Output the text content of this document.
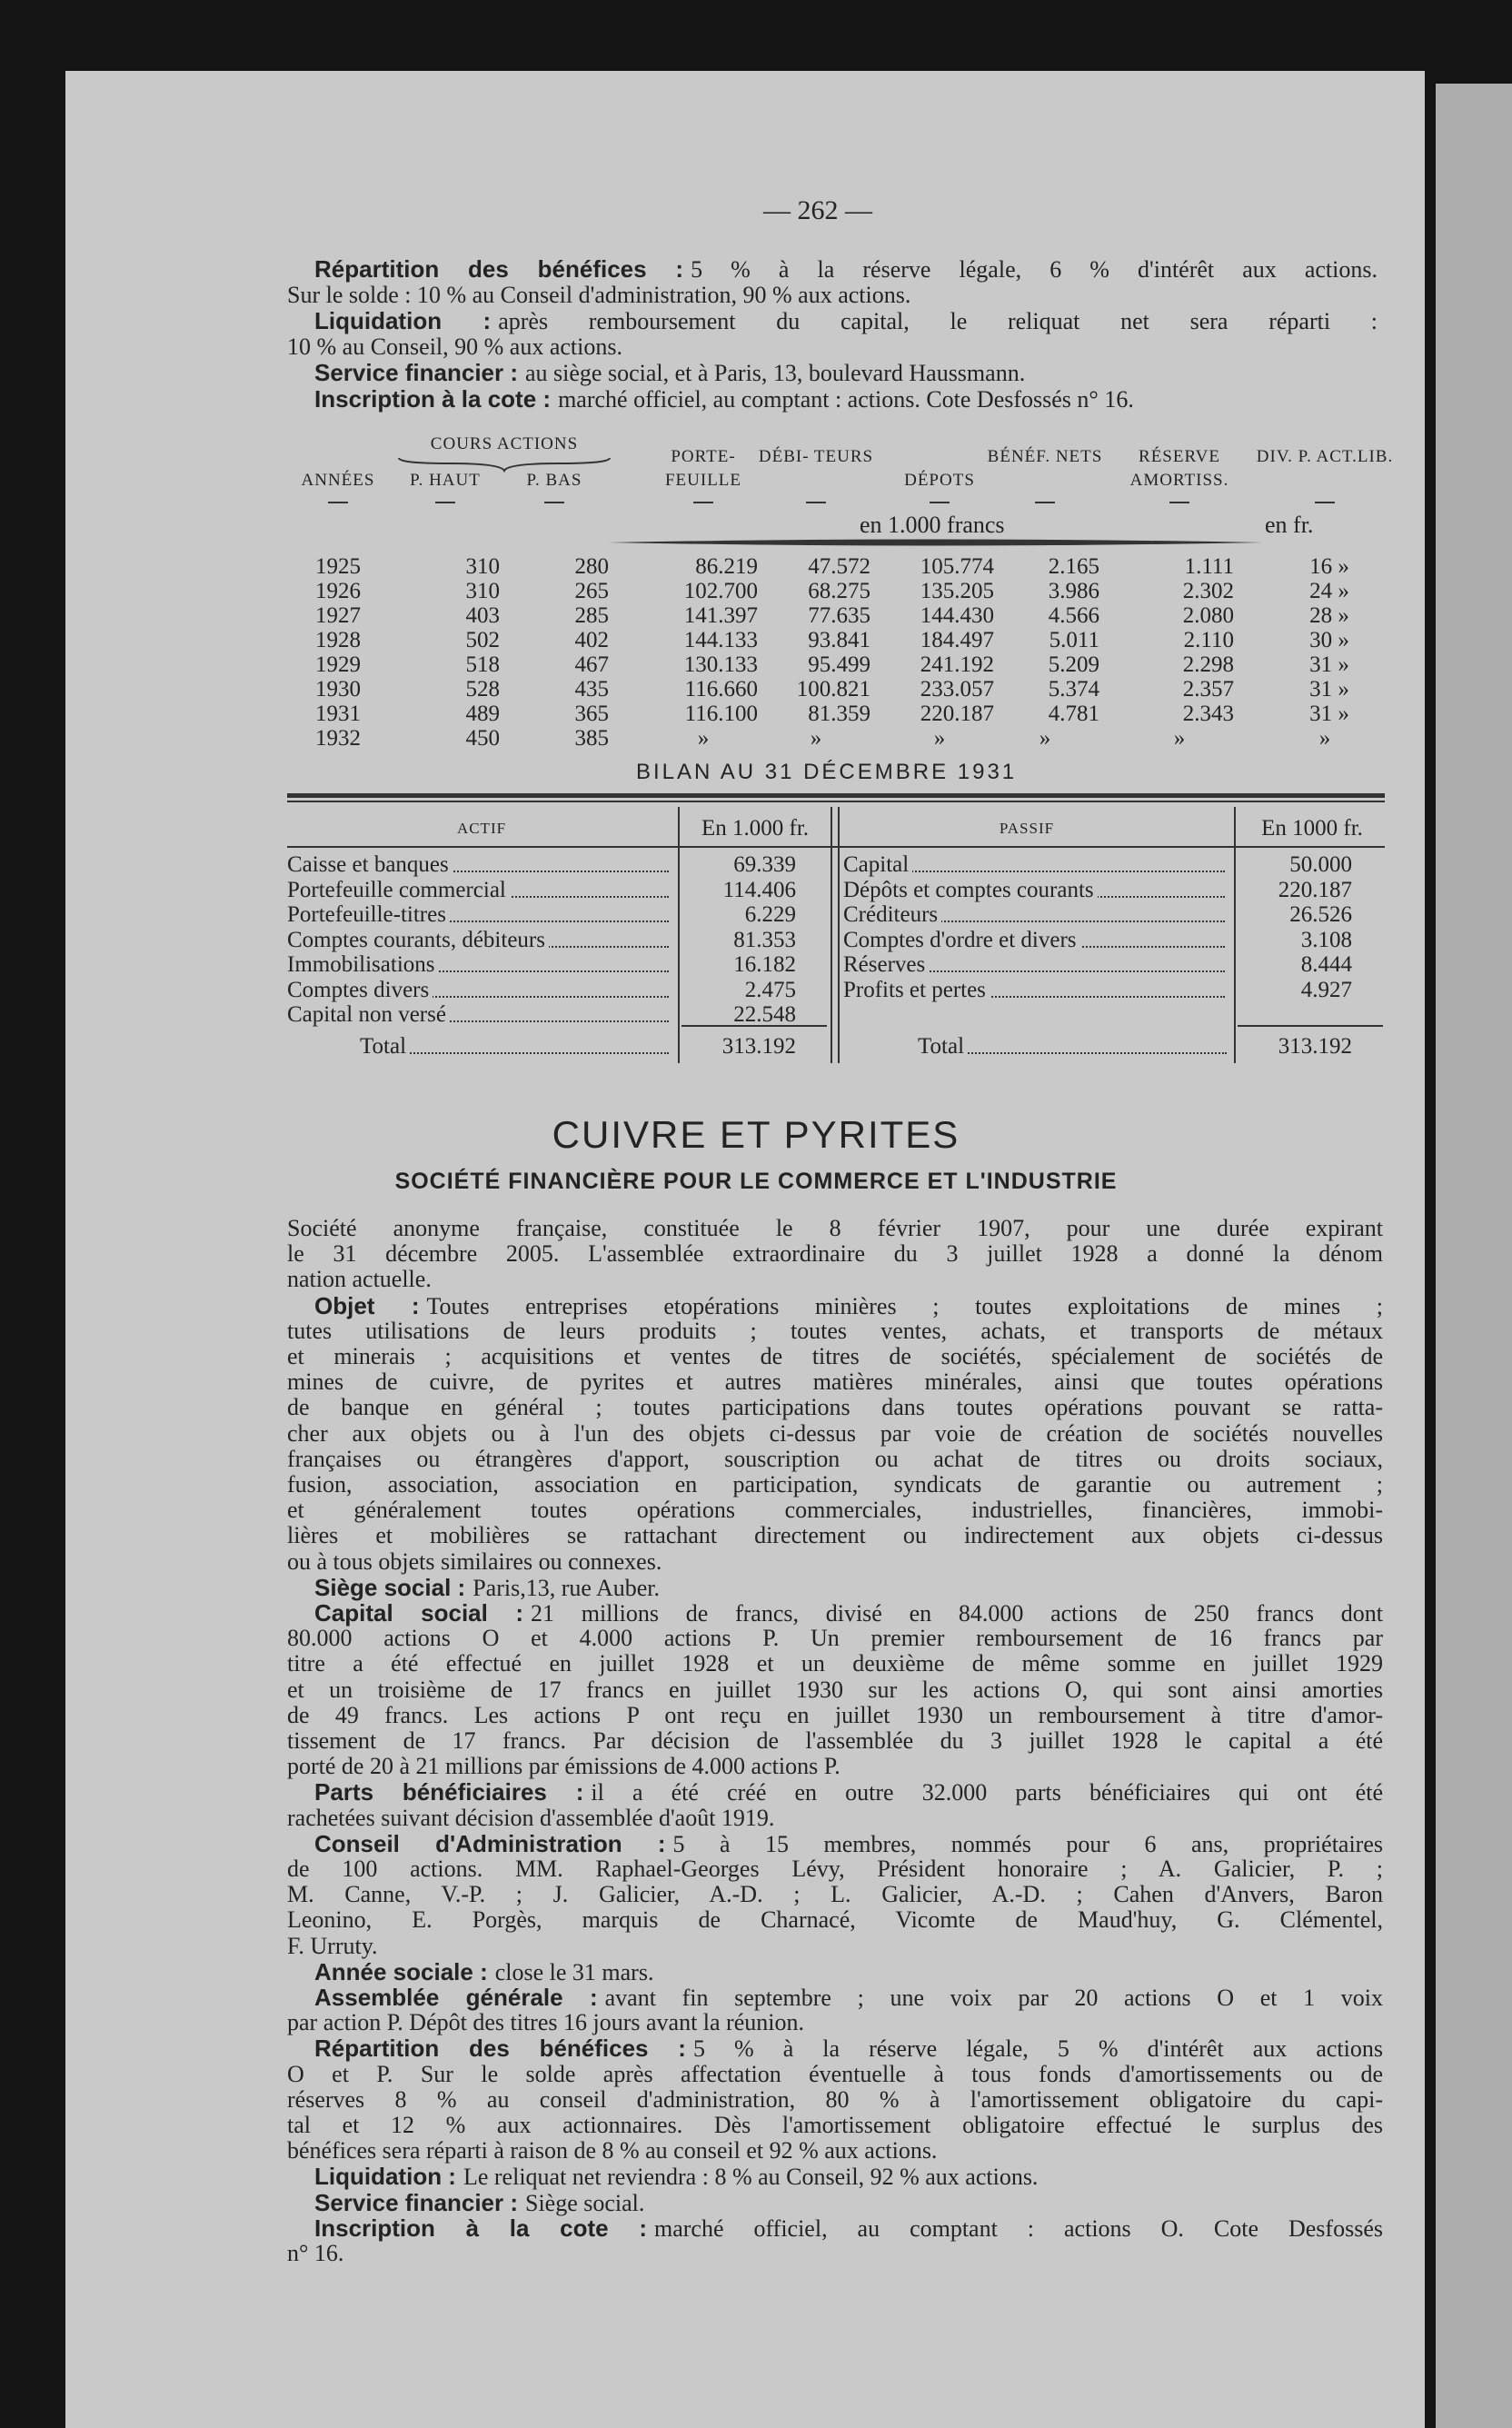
— 262 —
Répartition des bénéfices : 5 % à la réserve légale, 6 % d'intérêt aux actions.
Sur le solde : 10 % au Conseil d'administration, 90 % aux actions.
Liquidation : après remboursement du capital, le reliquat net sera réparti :
10 % au Conseil, 90 % aux actions.
Service financier : au siège social, et à Paris, 13, boulevard Haussmann.
Inscription à la cote : marché officiel, au comptant : actions. Cote Desfossés n° 16.
COURS ACTIONS
ANNÉES	P. HAUT	P. BAS
PORTE- FEUILLE
DÉBI- TEURS
DÉPOTS
BÉNÉF. NETS	RÉSERVE AMORTISS.
DIV. P. ACT.LIB.
en 1.000 francs	en fr.
1925	310	280	86.219	47.572	105.774	2.165	1.111	16 »
1926	310	265	102.700	68.275	135.205	3.986	2.302	24 »
1927	403	285	141.397	77.635	144.430	4.566	2.080	28 »
1928	502	402	144.133	93.841	184.497	5.011	2.110	30 »
1929	518	467	130.133	95.499	241.192	5.209	2.298	31 »
1930	528	435	116.660	100.821	233.057	5.374	2.357	31 »
1931	489	365	116.100	81.359	220.187	4.781	2.343	31 »
1932	450	385	»	»	»	»	»	»
BILAN AU 31 DÉCEMBRE 1931
ACTIF	En 1.000 fr.	PASSIF	En 1000 fr.
Caisse et banques	69.339
Portefeuille commercial	114.406
Portefeuille-titres	6.229
Comptes courants, débiteurs	81.353
Immobilisations	16.182
Comptes divers	2.475
Capital non versé	22.548
Capital	50.000
Dépôts et comptes courants	220.187
Créditeurs	26.526
Comptes d'ordre et divers	3.108
Réserves	8.444
Profits et pertes	4.927
Total	313.192	Total	313.192
CUIVRE ET PYRITES
SOCIÉTÉ FINANCIÈRE POUR LE COMMERCE ET L'INDUSTRIE
Société anonyme française, constituée le 8 février 1907, pour une durée expirant
le 31 décembre 2005. L'assemblée extraordinaire du 3 juillet 1928 a donné la dénom
nation actuelle.
Objet : Toutes entreprises etopérations minières ; toutes exploitations de mines ;
tutes utilisations de leurs produits ; toutes ventes, achats, et transports de métaux
et minerais ; acquisitions et ventes de titres de sociétés, spécialement de sociétés de
mines de cuivre, de pyrites et autres matières minérales, ainsi que toutes opérations
de banque en général ; toutes participations dans toutes opérations pouvant se ratta-
cher aux objets ou à l'un des objets ci-dessus par voie de création de sociétés nouvelles
françaises ou étrangères d'apport, souscription ou achat de titres ou droits sociaux,
fusion, association, association en participation, syndicats de garantie ou autrement ;
et généralement toutes opérations commerciales, industrielles, financières, immobi-
lières et mobilières se rattachant directement ou indirectement aux objets ci-dessus
ou à tous objets similaires ou connexes.
Siège social : Paris,13, rue Auber.
Capital social : 21 millions de francs, divisé en 84.000 actions de 250 francs dont
80.000 actions O et 4.000 actions P. Un premier remboursement de 16 francs par
titre a été effectué en juillet 1928 et un deuxième de même somme en juillet 1929
et un troisième de 17 francs en juillet 1930 sur les actions O, qui sont ainsi amorties
de 49 francs. Les actions P ont reçu en juillet 1930 un remboursement à titre d'amor-
tissement de 17 francs. Par décision de l'assemblée du 3 juillet 1928 le capital a été
porté de 20 à 21 millions par émissions de 4.000 actions P.
Parts bénéficiaires : il a été créé en outre 32.000 parts bénéficiaires qui ont été
rachetées suivant décision d'assemblée d'août 1919.
Conseil d'Administration : 5 à 15 membres, nommés pour 6 ans, propriétaires
de 100 actions. MM. Raphael-Georges Lévy, Président honoraire ; A. Galicier, P. ;
M. Canne, V.-P. ; J. Galicier, A.-D. ; L. Galicier, A.-D. ; Cahen d'Anvers, Baron
Leonino, E. Porgès, marquis de Charnacé, Vicomte de Maud'huy, G. Clémentel,
F. Urruty.
Année sociale : close le 31 mars.
Assemblée générale : avant fin septembre ; une voix par 20 actions O et 1 voix
par action P. Dépôt des titres 16 jours avant la réunion.
Répartition des bénéfices : 5 % à la réserve légale, 5 % d'intérêt aux actions
O et P. Sur le solde après affectation éventuelle à tous fonds d'amortissements ou de
réserves 8 % au conseil d'administration, 80 % à l'amortissement obligatoire du capi-
tal et 12 % aux actionnaires. Dès l'amortissement obligatoire effectué le surplus des
bénéfices sera réparti à raison de 8 % au conseil et 92 % aux actions.
Liquidation : Le reliquat net reviendra : 8 % au Conseil, 92 % aux actions.
Service financier : Siège social.
Inscription à la cote : marché officiel, au comptant : actions O. Cote Desfossés
n° 16.
